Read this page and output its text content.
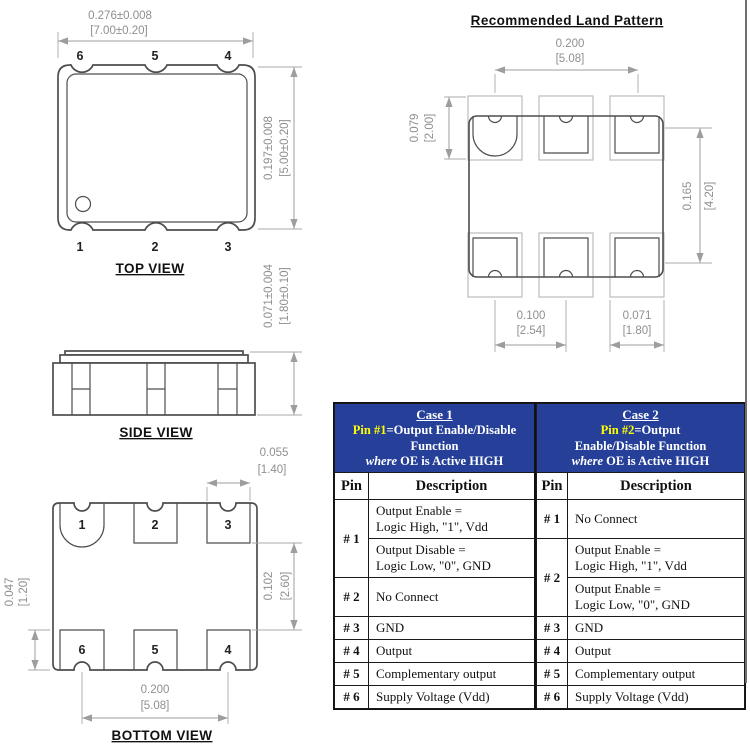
0.276±0.008
[7.00±0.20]
6	5	4
1	2	3
0.197±0.008 [5.00±0.20]
TOP VIEW
Recommended Land Pattern
0.200
[5.08]
0.079 [2.00]
0.165 [4.20]
0.100
[2.54]
0.071
[1.80]
0.071±0.004 [1.80±0.10]
SIDE VIEW
0.055
[1.40]
1	2	3
6	5	4
0.047 [1.20]	0.102 [2.60]
0.200
[5.08]
BOTTOM VIEW
Case 1
Pin #1=Output Enable/Disable
Function
where OE is Active HIGH	

Pin	Description
# 1	Output Enable =
Logic High, "1", Vdd

	Output Disable =
Logic Low, "0", GND

# 2	No Connect
# 3	GND
# 4	Output
# 5	Complementary output
# 6	Supply Voltage (Vdd)
Case 2
Pin #2=Output
Enable/Disable Function
where OE is Active HIGH	

Pin	Description
# 1	No Connect
# 2	Output Enable =
Logic High, "1", Vdd

	Output Enable =
Logic Low, "0", GND

# 3	GND
# 4	Output
# 5	Complementary output
# 6	Supply Voltage (Vdd)
